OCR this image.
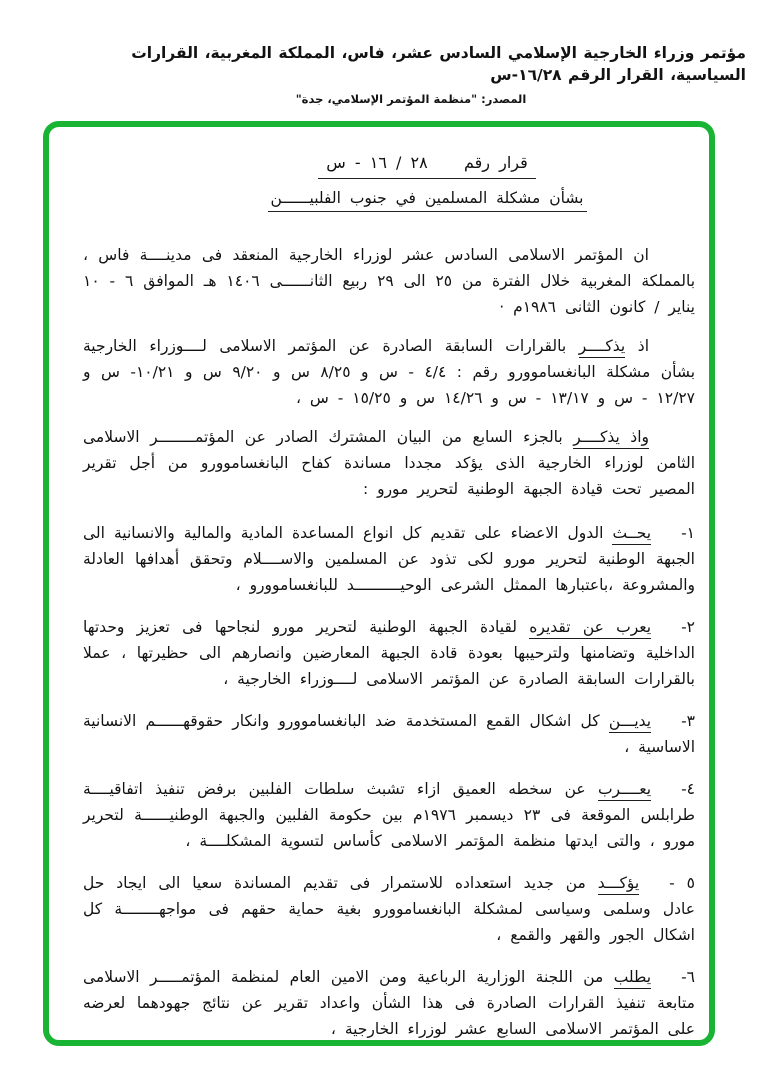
مؤتمر وزراء الخارجية الإسلامي السادس عشر، فاس، المملكة المغربية، القرارات السياسية، القرار الرقم ١٦/٢٨-س
المصدر: "منظمة المؤتمر الإسلامي، جدة"
قرار رقم    ٢٨ / ١٦ - س
بشأن مشكلة المسلمين في جنوب الفلبيــــــن

ان المؤتمر الاسلامى السادس عشر لوزراء الخارجية المنعقد فى مدينــــة فاس ، بالمملكة المغربية خلال الفترة من ٢٥ الى ٢٩ ربيع الثانــــــى ١٤٠٦ هـ الموافق ٦ - ١٠ يناير / كانون الثانى ١٩٨٦م ·

اذ يذكــــر بالقرارات السابقة الصادرة عن المؤتمر الاسلامى لــــوزراء الخارجية بشأن مشكلة البانغساموورو رقم : ٤/٤ - س و ٨/٢٥ س و ٩/٢٠ س و ١٠/٢١- س و ١٢/٢٧ - س و ١٣/١٧ - س و ١٤/٢٦ س و ١٥/٢٥ - س ،

واذ يذكــــر بالجزء السابع من البيان المشترك الصادر عن المؤتمــــــــر الاسلامى الثامن لوزراء الخارجية الذى يؤكد مجددا مساندة كفاح البانغساموورو من أجل تقرير المصير تحت قيادة الجبهة الوطنية لتحرير مورو :

١-يحــث الدول الاعضاء على تقديم كل انواع المساعدة المادية والمالية والانسانية الى الجبهة الوطنية لتحرير مورو لكى تذود عن المسلمين والاســــلام وتحقق أهدافها العادلة والمشروعة ،باعتبارها الممثل الشرعى الوحيــــــــــد للبانغساموورو ،

٢-يعرب عن تقديره لقيادة الجبهة الوطنية لتحرير مورو لنجاحها فى تعزيز وحدتها الداخلية وتضامنها ولترحيبها بعودة قادة الجبهة المعارضين وانصارهم الى حظيرتها ، عملا بالقرارات السابقة الصادرة عن المؤتمر الاسلامى لــــوزراء الخارجية ،

٣-يديـــن كل اشكال القمع المستخدمة ضد البانغساموورو وانكار حقوقهــــــم الانسانية الاساسية ،

٤-يعــــرب عن سخطه العميق ازاء تشبث سلطات الفلبين برفض تنفيذ اتفاقيــــة طرابلس الموقعة فى ٢٣ ديسمبر ١٩٧٦م بين حكومة الفلبين والجبهة الوطنيــــــة لتحرير مورو ، والتى ايدتها منظمة المؤتمر الاسلامى كأساس لتسوية المشكلــــة ،

٥ -يؤكـــد من جديد استعداده للاستمرار فى تقديم المساندة سعيا الى ايجاد حل عادل وسلمى وسياسى لمشكلة البانغساموورو بغية حماية حقهم فى مواجهــــــــة كل اشكال الجور والقهر والقمع ،

٦-يطلب من اللجنة الوزارية الرباعية ومن الامين العام لمنظمة المؤتمـــــر الاسلامى متابعة تنفيذ القرارات الصادرة فى هذا الشأن واعداد تقرير عن نتائج جهودهما لعرضه على المؤتمر الاسلامى السابع عشر لوزراء الخارجية ،
